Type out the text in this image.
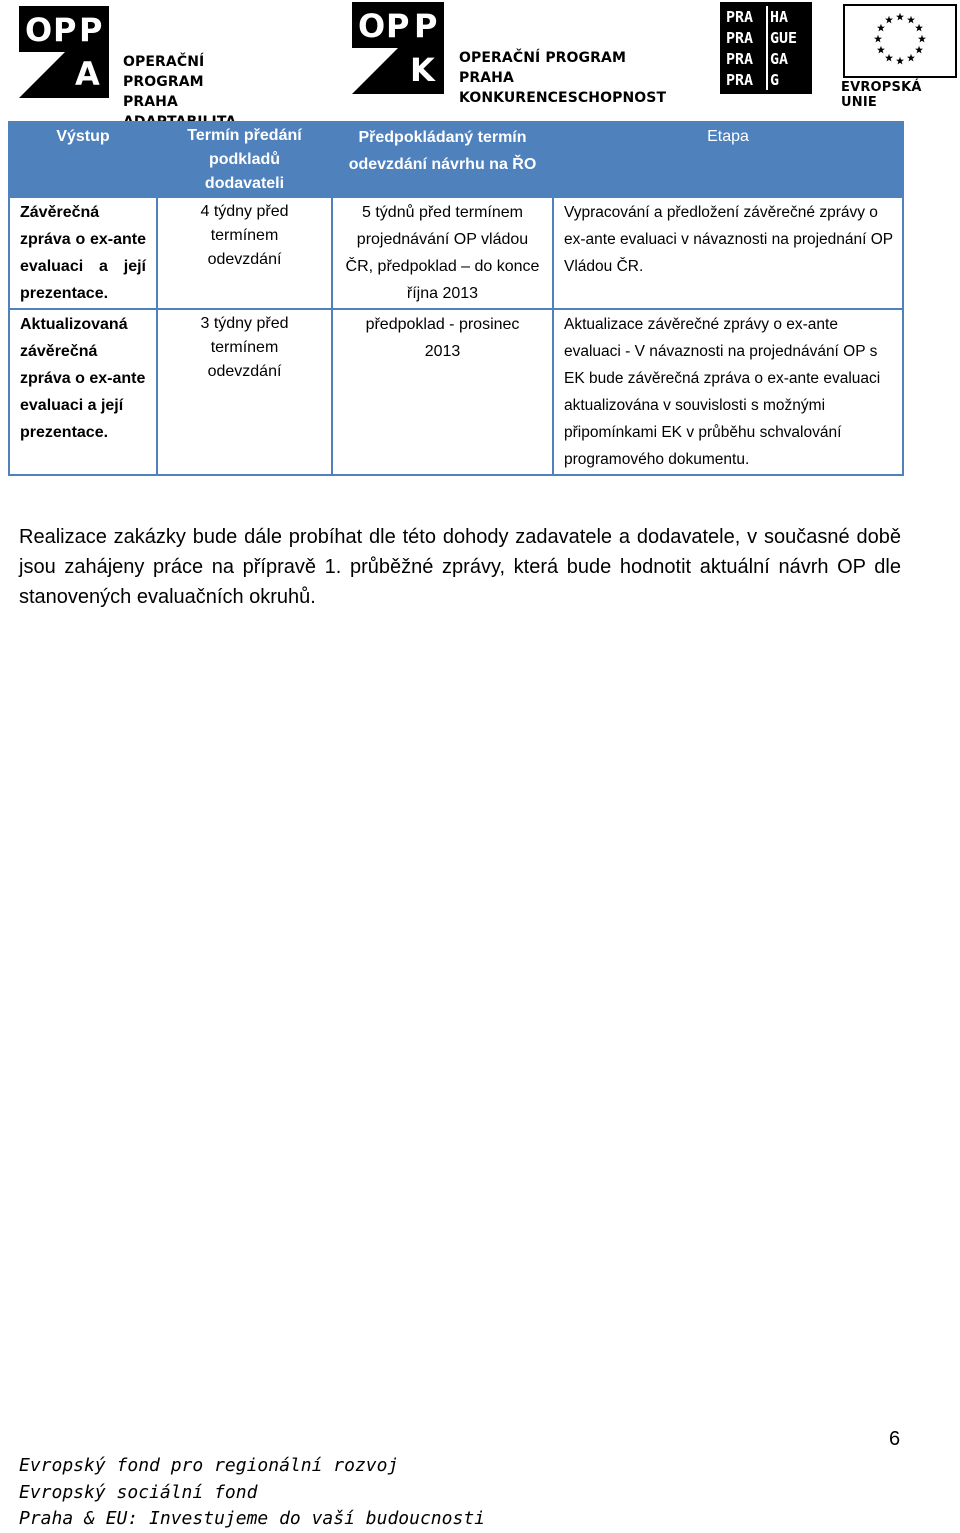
O P P
A OPERAČNÍ PROGRAM PRAHA
O P P
K OPERAČNÍ PROGRAM PRAHA
KONKURENCESCHOPNOST
PRA	HA
PRA	GUE
PRA	GA
PRA	G	EVROPSKÁ UNIE
Výstup	Termín předání podkladů dodavateli	Předpokládaný termín odevzdání návrhu na ŘO	Etapa
Závěrečná zpráva o ex-ante evaluaci a její prezentace.	4 týdny před termínem odevzdání	5 týdnů před termínem projednávání OP vládou ČR, předpoklad – do konce října 2013	Vypracování a předložení závěrečné zprávy o ex-ante evaluaci v návaznosti na projednání OP Vládou ČR.
Aktualizovaná závěrečná zpráva o ex-ante evaluaci a její prezentace.	3 týdny před termínem odevzdání	předpoklad - prosinec 2013	Aktualizace závěrečné zprávy o ex-ante evaluaci - V návaznosti na projednávání OP s EK bude závěrečná zpráva o ex-ante evaluaci aktualizována v souvislosti s možnými připomínkami EK v průběhu schvalování programového dokumentu.
Realizace zakázky bude dále probíhat dle této dohody zadavatele a dodavatele, v současné době jsou zahájeny práce na přípravě 1. průběžné zprávy, která bude hodnotit aktuální návrh OP dle stanovených evaluačních okruhů.
6
Evropský fond pro regionální rozvoj
Evropský sociální fond
Praha & EU: Investujeme do vaší budoucnosti
